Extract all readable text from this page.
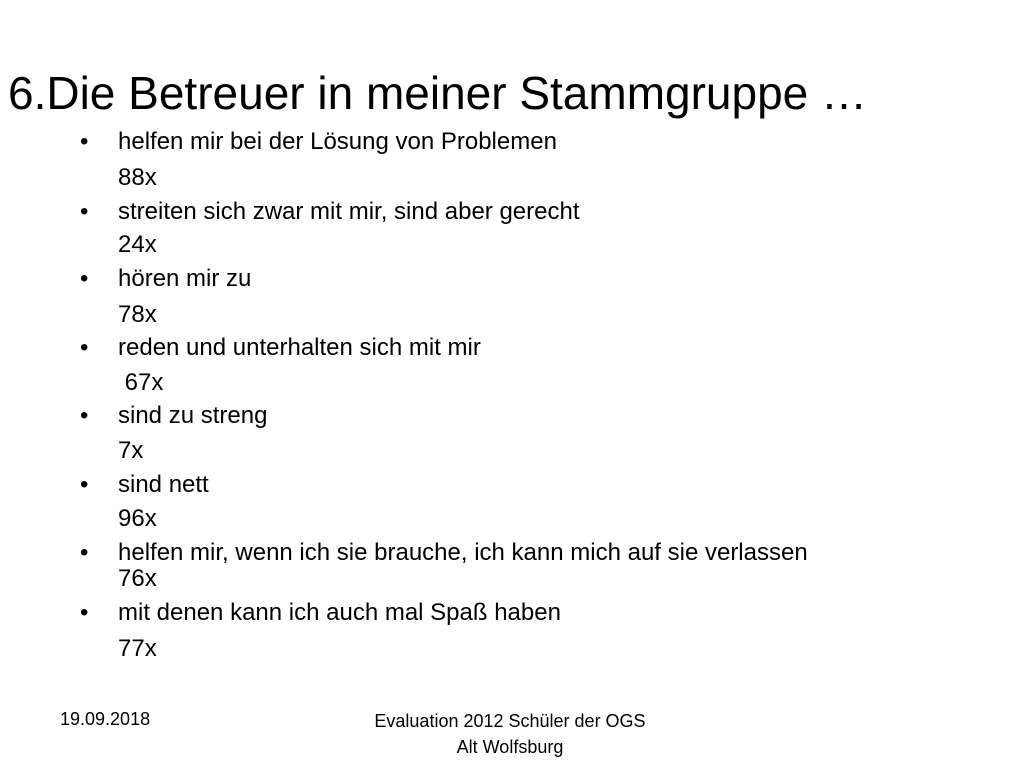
6.Die Betreuer in meiner Stammgruppe …
• helfen mir bei der Lösung von Problemen
88x
• streiten sich zwar mit mir, sind aber gerecht
24x
• hören mir zu
78x
• reden und unterhalten sich mit mir
67x
• sind zu streng
7x
• sind nett
96x
• helfen mir, wenn ich sie brauche, ich kann mich auf sie verlassen
76x
• mit denen kann ich auch mal Spaß haben
77x
19.09.2018	Evaluation 2012 Schüler der OGS
Alt Wolfsburg
